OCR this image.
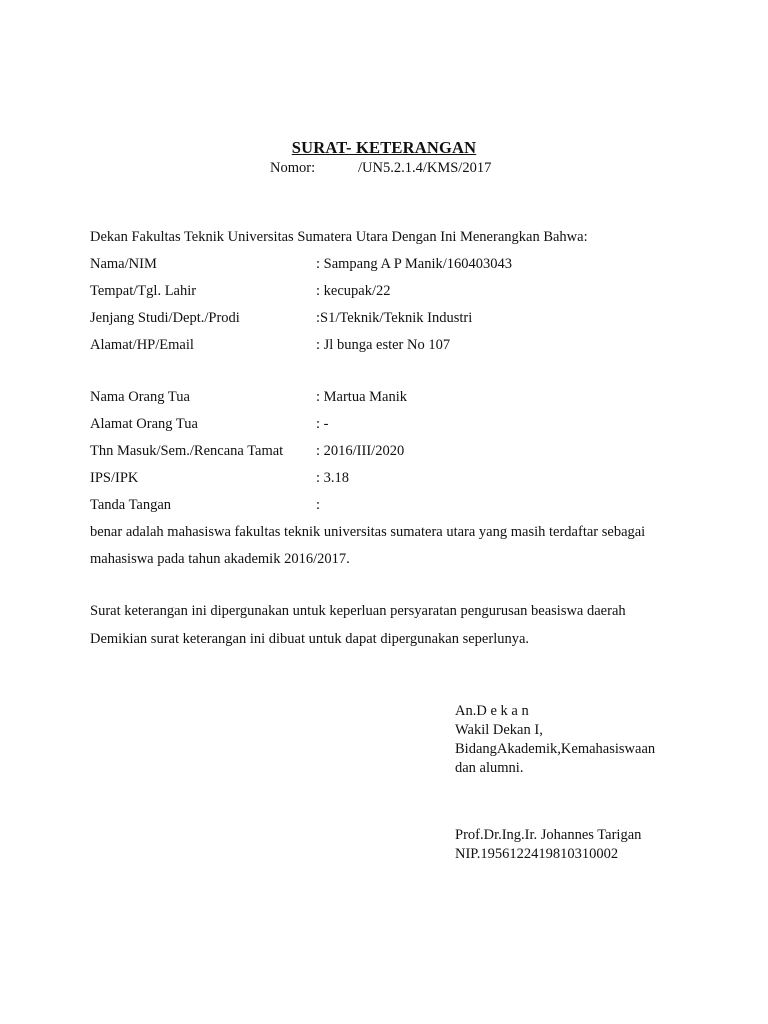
SURAT- KETERANGAN
Nomor:	/UN5.2.1.4/KMS/2017
Dekan Fakultas Teknik Universitas Sumatera Utara Dengan Ini Menerangkan Bahwa:
Nama/NIM	: Sampang A P Manik/160403043
Tempat/Tgl. Lahir	: kecupak/22
Jenjang Studi/Dept./Prodi	:S1/Teknik/Teknik Industri
Alamat/HP/Email	: Jl bunga ester No 107
Nama Orang Tua	: Martua Manik
Alamat Orang Tua	: -
Thn Masuk/Sem./Rencana Tamat : 2016/III/2020
IPS/IPK	: 3.18
Tanda Tangan	:
benar adalah mahasiswa fakultas teknik universitas sumatera utara yang masih terdaftar sebagai
mahasiswa pada tahun akademik 2016/2017.
Surat keterangan ini dipergunakan untuk keperluan persyaratan pengurusan beasiswa daerah
Demikian surat keterangan ini dibuat untuk dapat dipergunakan seperlunya.
An.D e k a n
Wakil Dekan I,
BidangAkademik,Kemahasiswaan
dan alumni.
Prof.Dr.Ing.Ir. Johannes Tarigan
NIP.1956122419810310002
